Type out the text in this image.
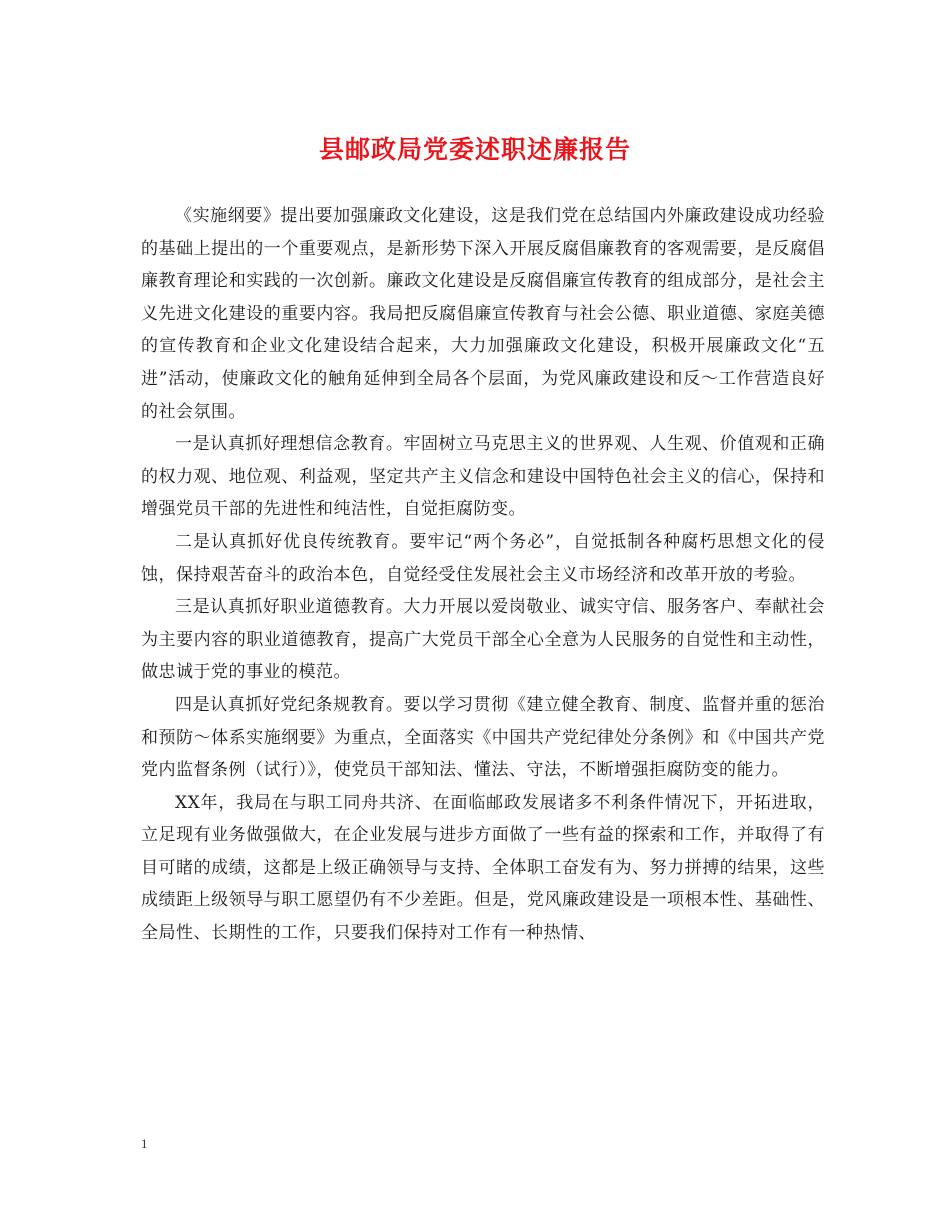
县邮政局党委述职述廉报告

《实施纲要》提出要加强廉政文化建设，这是我们党在总结国内外廉政建设成功经验的基础上提出的一个重要观点，是新形势下深入开展反腐倡廉教育的客观需要，是反腐倡廉教育理论和实践的一次创新。廉政文化建设是反腐倡廉宣传教育的组成部分，是社会主义先进文化建设的重要内容。我局把反腐倡廉宣传教育与社会公德、职业道德、家庭美德的宣传教育和企业文化建设结合起来，大力加强廉政文化建设，积极开展廉政文化“五进”活动，使廉政文化的触角延伸到全局各个层面，为党风廉政建设和反～工作营造良好的社会氛围。

一是认真抓好理想信念教育。牢固树立马克思主义的世界观、人生观、价值观和正确的权力观、地位观、利益观，坚定共产主义信念和建设中国特色社会主义的信心，保持和增强党员干部的先进性和纯洁性，自觉拒腐防变。

二是认真抓好优良传统教育。要牢记“两个务必”，自觉抵制各种腐朽思想文化的侵蚀，保持艰苦奋斗的政治本色，自觉经受住发展社会主义市场经济和改革开放的考验。

三是认真抓好职业道德教育。大力开展以爱岗敬业、诚实守信、服务客户、奉献社会为主要内容的职业道德教育，提高广大党员干部全心全意为人民服务的自觉性和主动性，做忠诚于党的事业的模范。

四是认真抓好党纪条规教育。要以学习贯彻《建立健全教育、制度、监督并重的惩治和预防～体系实施纲要》为重点，全面落实《中国共产党纪律处分条例》和《中国共产党党内监督条例（试行）》，使党员干部知法、懂法、守法，不断增强拒腐防变的能力。

XX年，我局在与职工同舟共济、在面临邮政发展诸多不利条件情况下，开拓进取，立足现有业务做强做大，在企业发展与进步方面做了一些有益的探索和工作，并取得了有目可睹的成绩，这都是上级正确领导与支持、全体职工奋发有为、努力拼搏的结果，这些成绩距上级领导与职工愿望仍有不少差距。但是，党风廉政建设是一项根本性、基础性、全局性、长期性的工作，只要我们保持对工作有一种热情、

1
